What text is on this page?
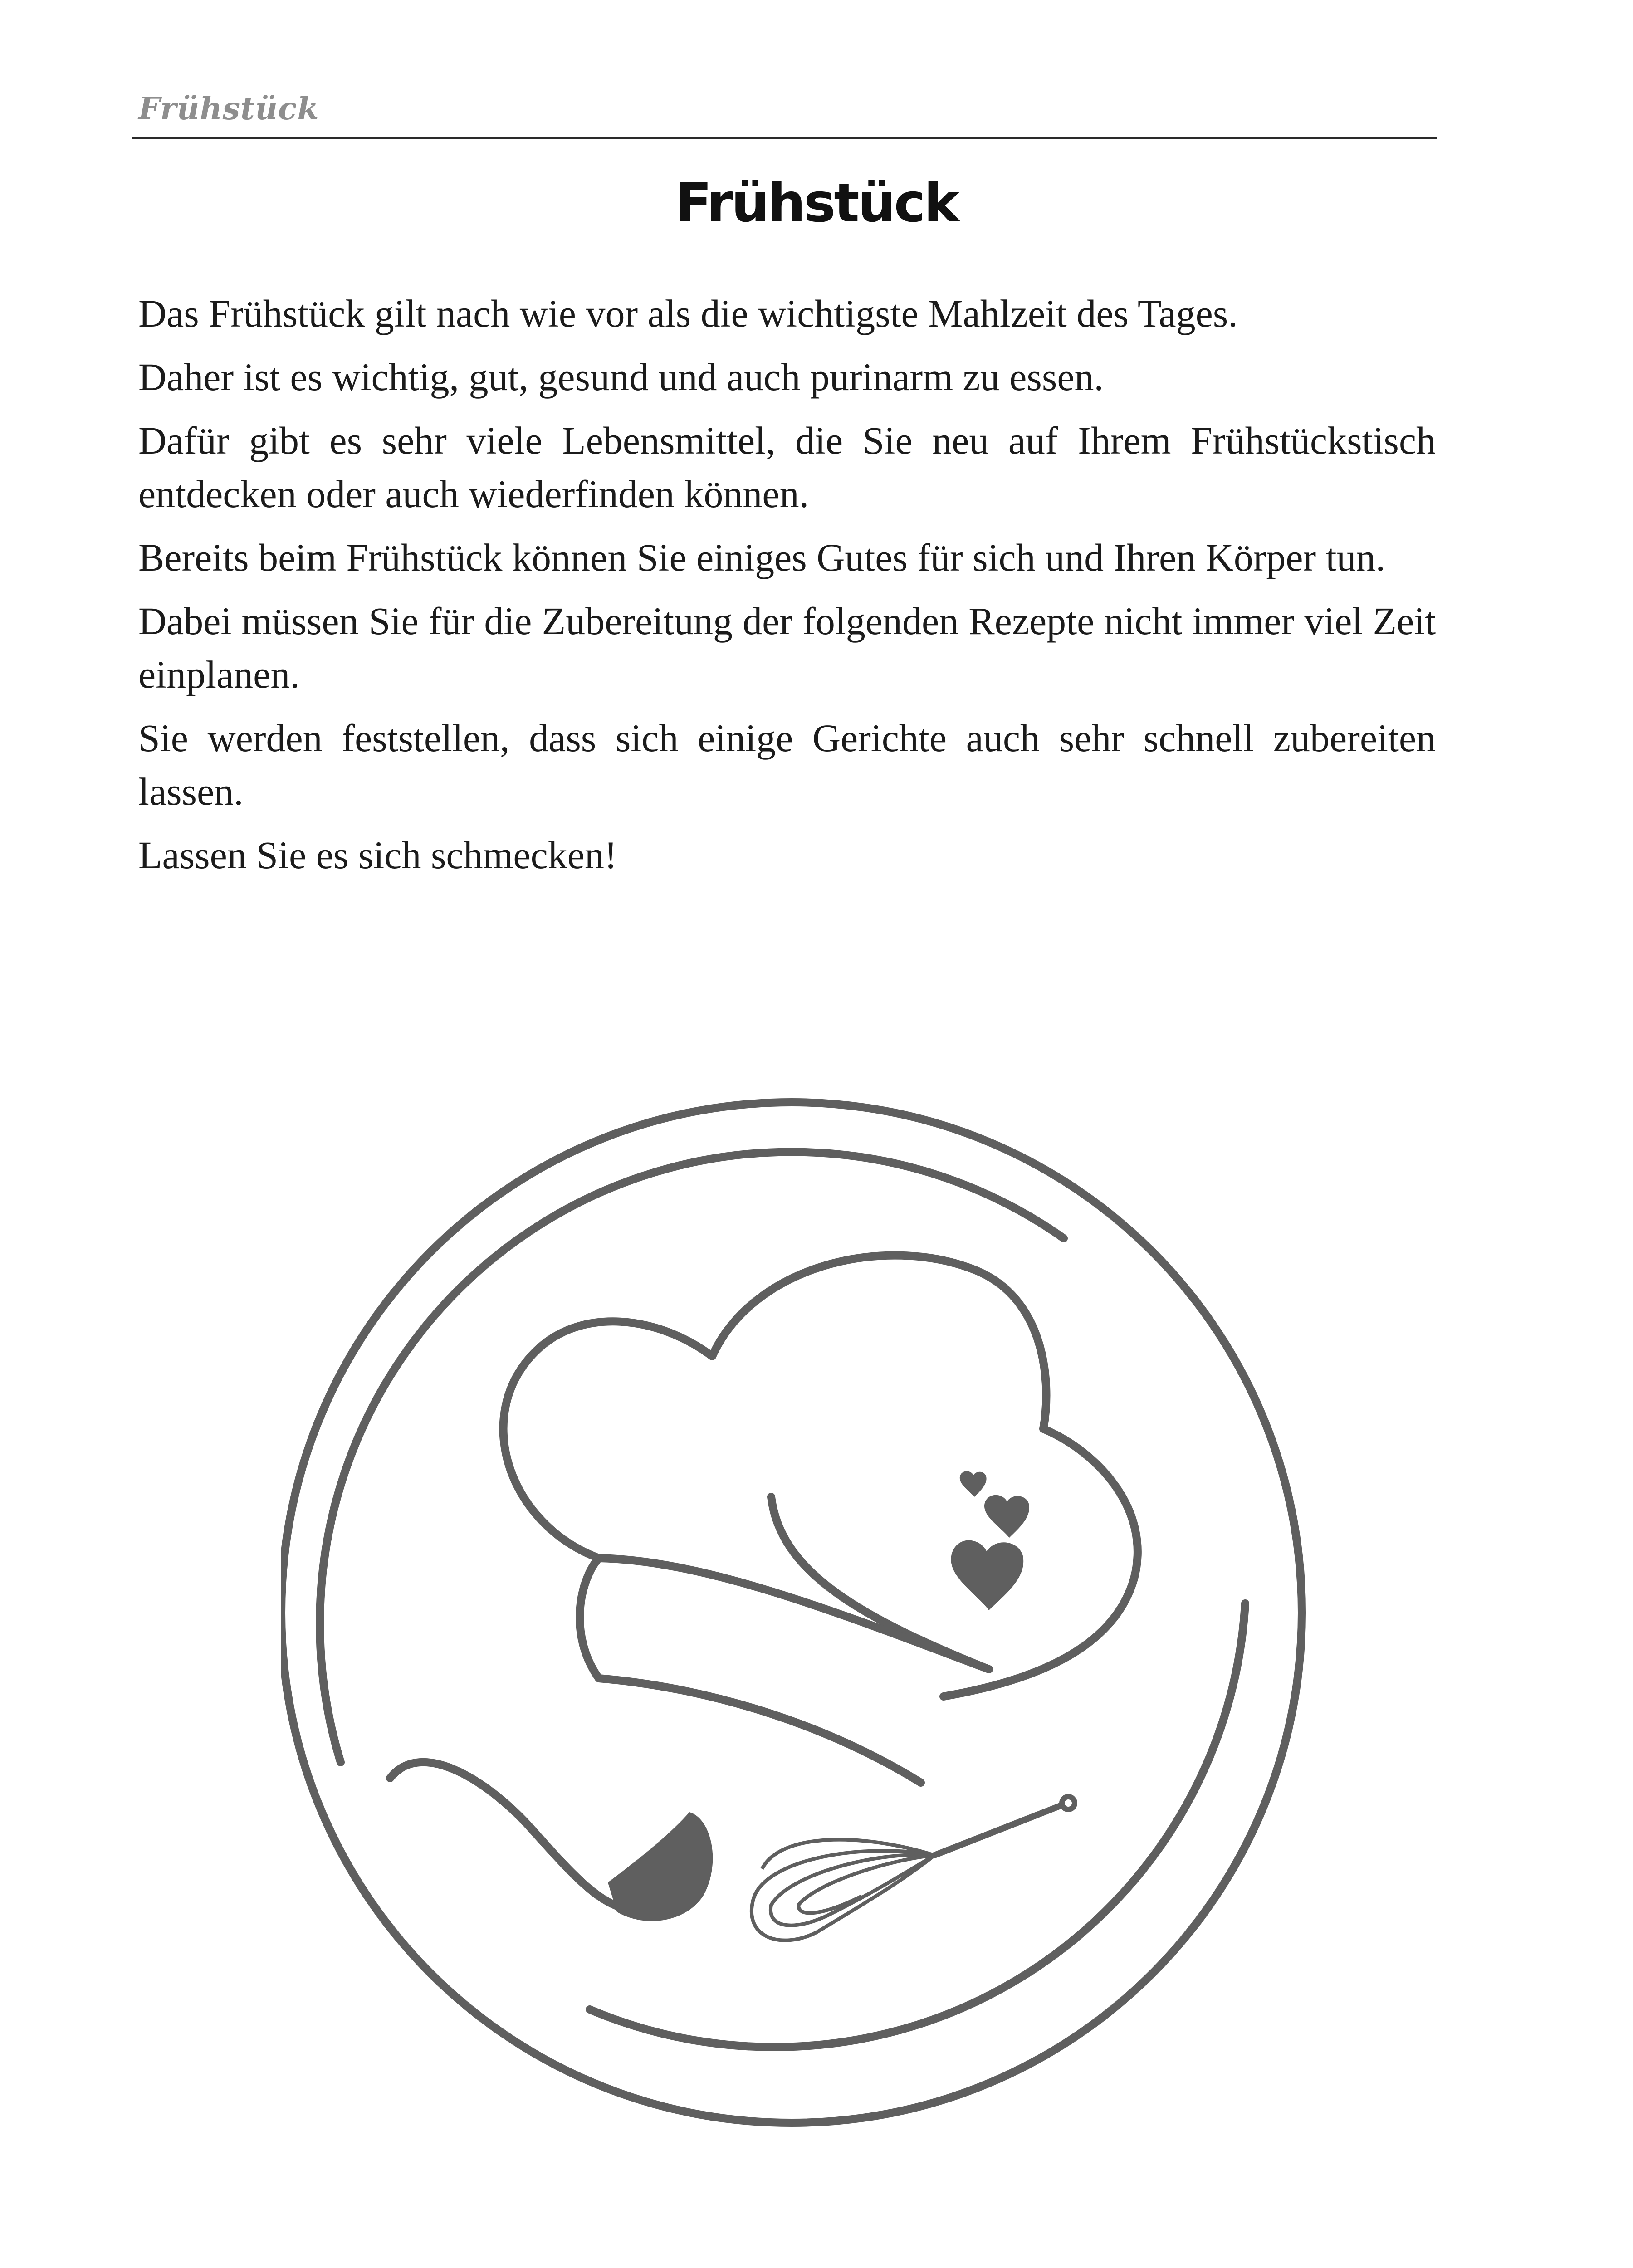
Frühstück
Frühstück

Das Frühstück gilt nach wie vor als die wichtigste Mahlzeit des Tages.

Daher ist es wichtig, gut, gesund und auch purinarm zu essen.

Dafür gibt es sehr viele Lebensmittel, die Sie neu auf Ihrem Frühstückstisch entdecken oder auch wiederfinden können.

Bereits beim Frühstück können Sie einiges Gutes für sich und Ihren Körper tun.

Dabei müssen Sie für die Zubereitung der folgenden Rezepte nicht immer viel Zeit einplanen.

Sie werden feststellen, dass sich einige Gerichte auch sehr schnell zubereiten lassen.

Lassen Sie es sich schmecken!
